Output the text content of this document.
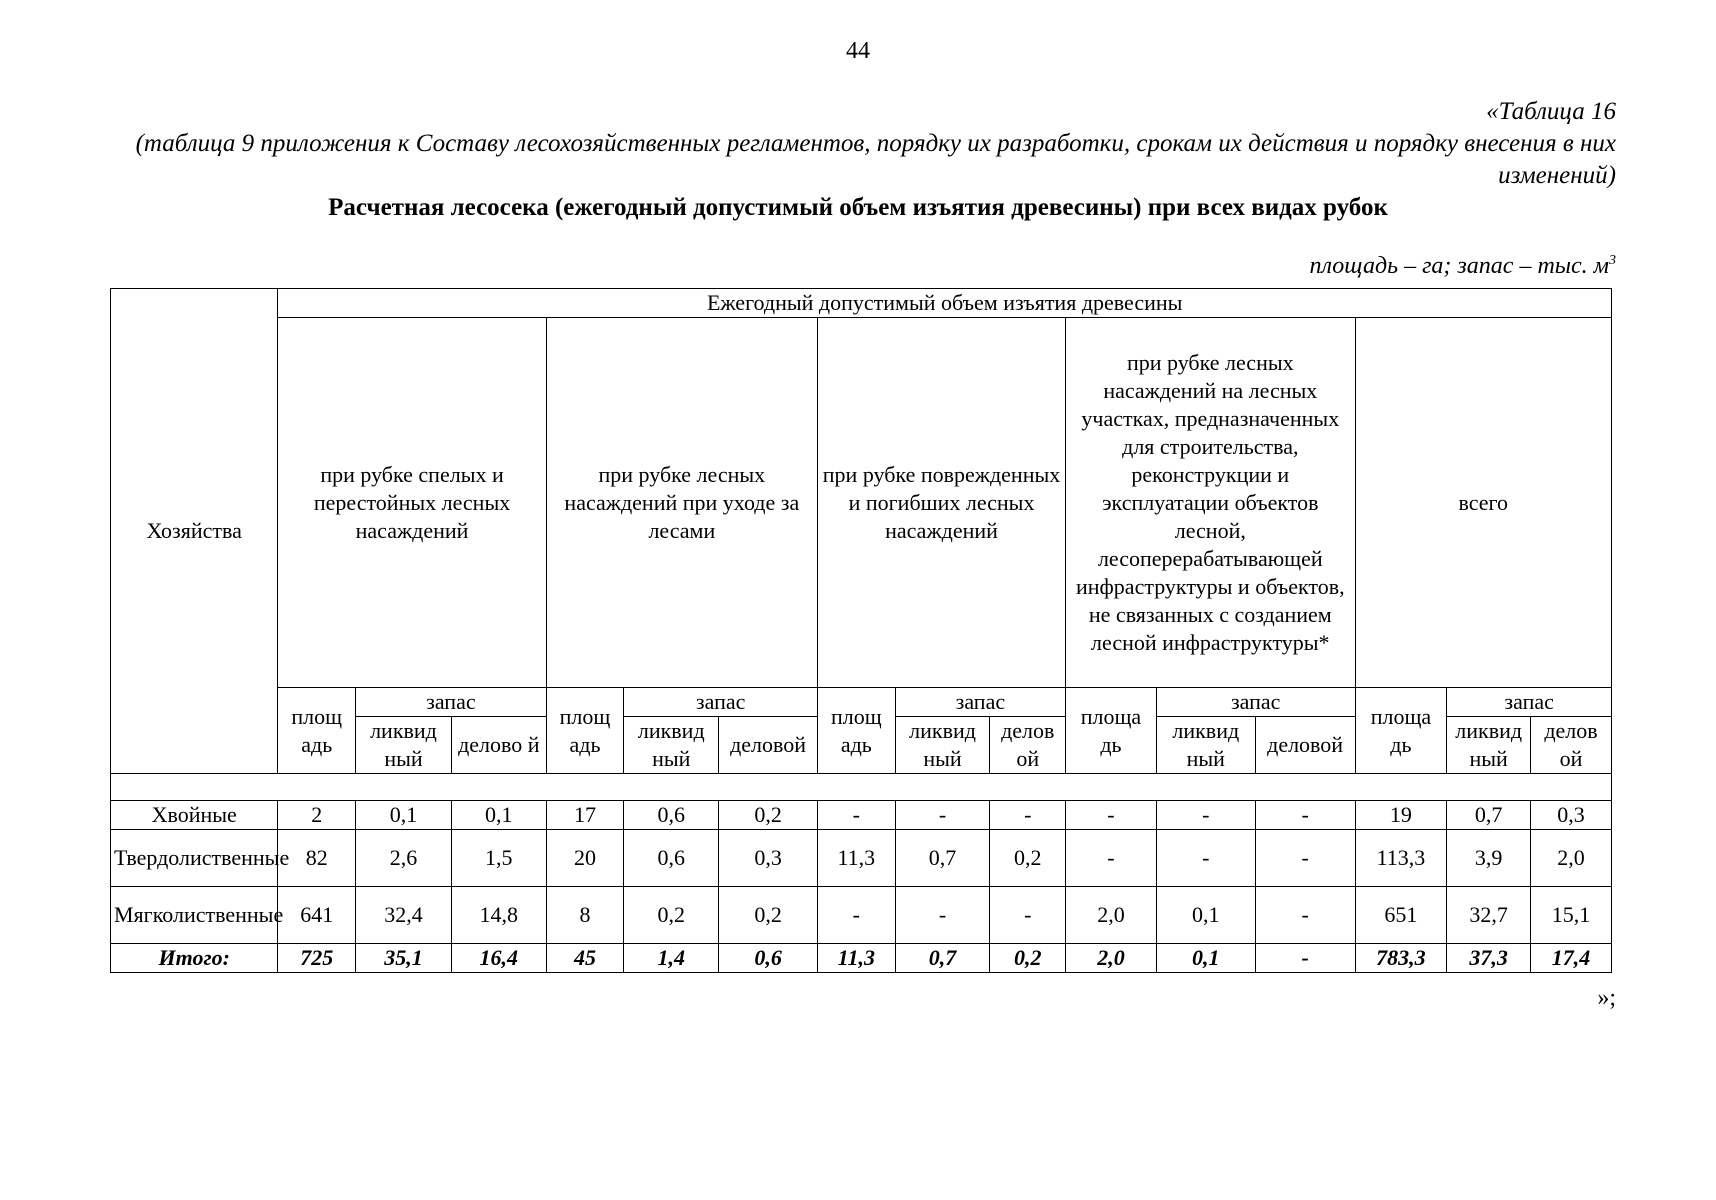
44
«Таблица 16
(таблица 9 приложения к Составу лесохозяйственных регламентов, порядку их разработки, срокам их действия и порядку внесения в них изменений)
Расчетная лесосека (ежегодный допустимый объем изъятия древесины) при всех видах рубок
площадь – га; запас – тыс. $м^3$
Хозяйства	Ежегодный допустимый объем изъятия древесины														
	при рубке спелых и перестойных лесных насаждений			при рубке лесных насаждений при уходе за лесами			при рубке поврежденных и погибших лесных насаждений			при рубке лесных насаждений на лесных участках, предназначенных для строительства, реконструкции и эксплуатации объектов лесной, лесоперерабатывающей инфраструктуры и объектов, не связанных с созданием лесной инфраструктуры*			всего		
	площ адь	запас		площ адь	запас		площ адь	запас		площа дь	запас		площа дь	запас	
		ликвид ный	делово й		ликвид ный	деловой		ликвид ный	делов ой		ликвид ный	деловой		ликвид ный	делов ой

Хвойные	2	0,1	0,1	17	0,6	0,2	-	-	-	-	-	-	19	0,7	0,3
Твердолиственные	82	2,6	1,5	20	0,6	0,3	11,3	0,7	0,2	-	-	-	113,3	3,9	2,0
Мягколиственные	641	32,4	14,8	8	0,2	0,2	-	-	-	2,0	0,1	-	651	32,7	15,1
Итого:	725	35,1	16,4	45	1,4	0,6	11,3	0,7	0,2	2,0	0,1	-	783,3	37,3	17,4
»;
